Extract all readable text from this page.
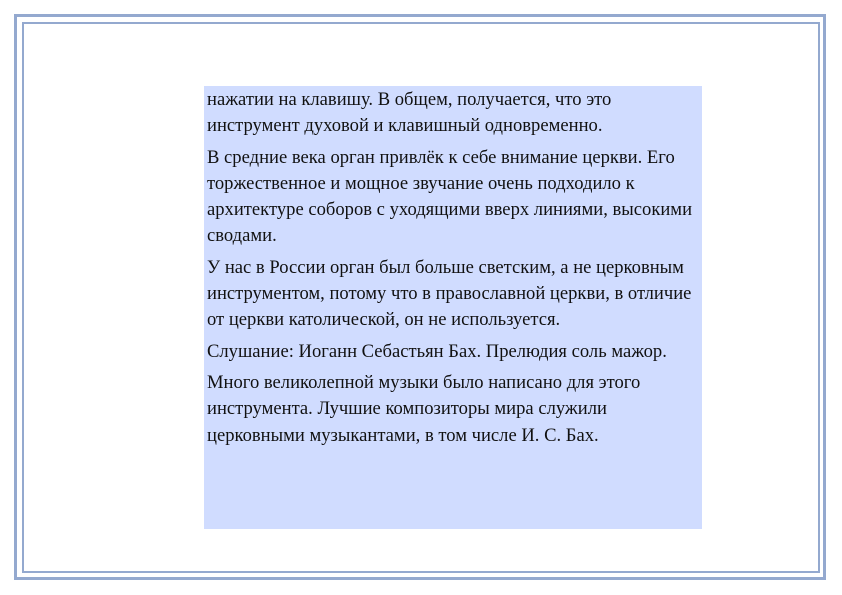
нажатии на клавишу. В общем, получается, что это инструмент духовой и клавишный одновременно.

В средние века орган привлёк к себе внимание церкви. Его торжественное и мощное звучание очень подходило к архитектуре соборов с уходящими вверх линиями, высокими сводами.

У нас в России орган был больше светским, а не церковным инструментом, потому что в православной церкви, в отличие от церкви католической, он не используется.

Слушание: Иоганн Себастьян Бах. Прелюдия соль мажор.

Много великолепной музыки было написано для этого инструмента. Лучшие композиторы мира служили церковными музыкантами, в том числе И. С. Бах.
